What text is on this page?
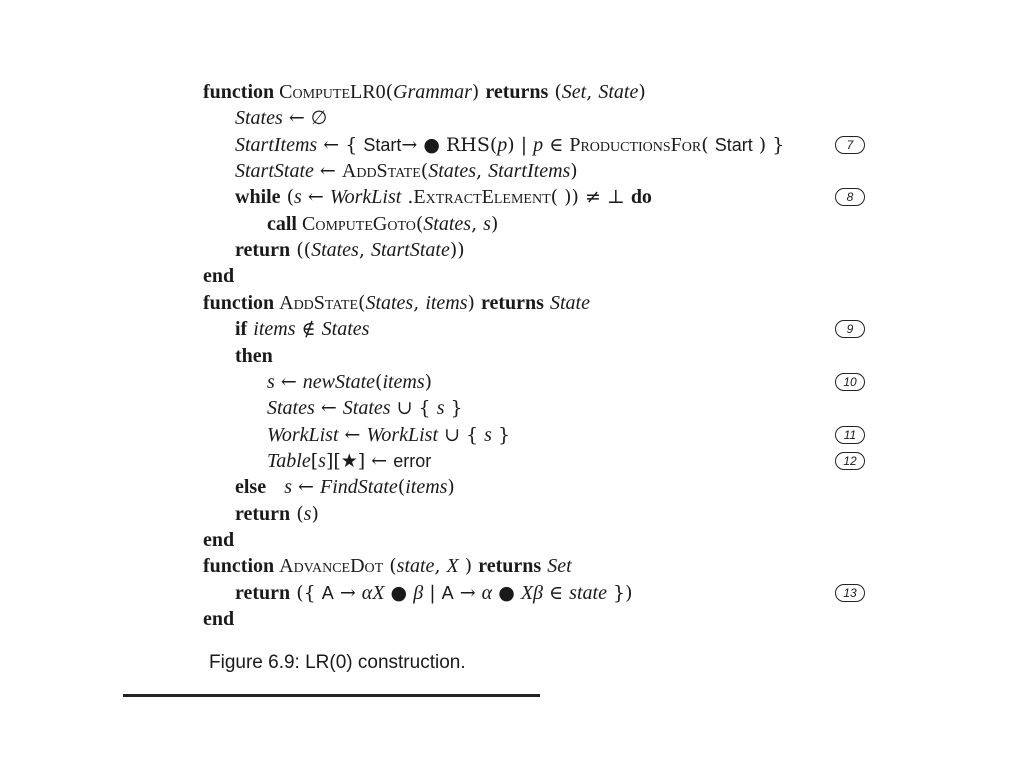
function ComputeLR0(Grammar) returns (Set, State)
States ← ∅
StartItems ← { Start→ ● RHS(p) | p ∈ ProductionsFor( Start ) }	7
StartState ← AddState(States, StartItems)
while (s ← WorkList .ExtractElement( )) ≠ ⊥ do	8
call ComputeGoto(States, s)
return ((States, StartState))
end
function AddState(States, items) returns State
if items ∉ States	9
then
s ← newState(items)	10
States ← States ∪ { s }
WorkList ← WorkList ∪ { s }	11
Table[s][★] ← error	12
else s ← FindState(items)
return (s)
end
function AdvanceDot (state, X ) returns Set
return ({ A → αX ● β | A → α ● Xβ ∈ state })	13
end
Figure 6.9: LR(0) construction.
